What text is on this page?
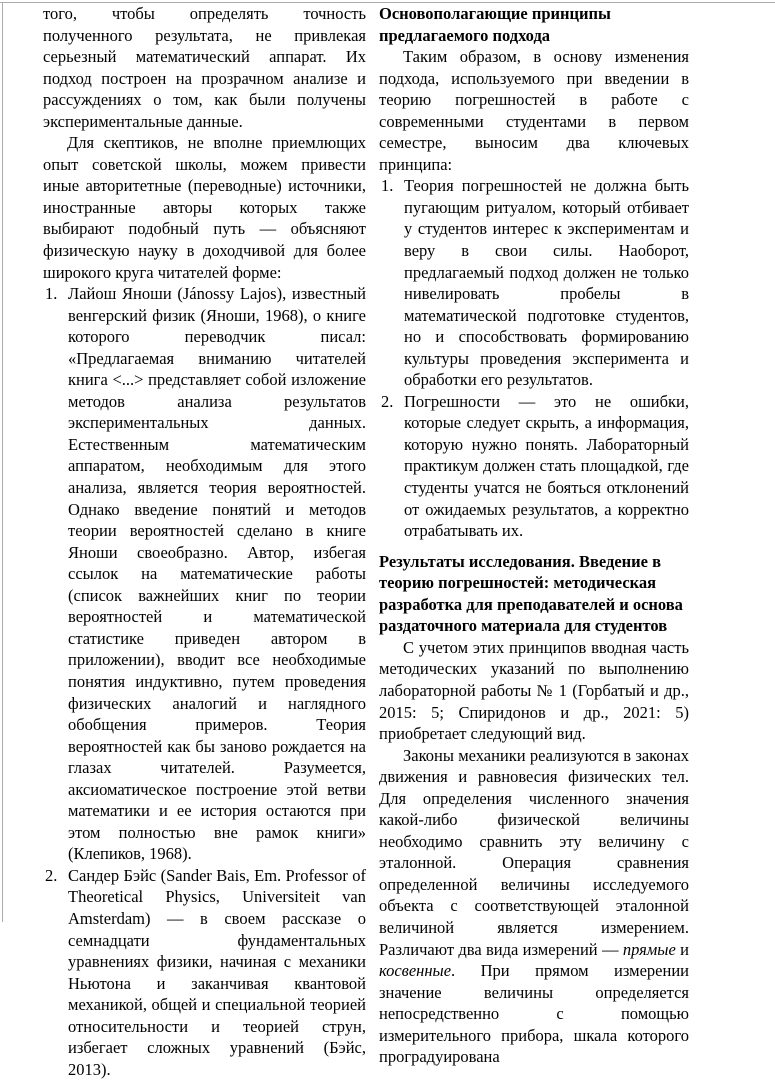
того, чтобы определять точность полученного результата, не привлекая серьезный математический аппарат. Их подход построен на прозрачном анализе и рассуждениях о том, как были получены экспериментальные данные.

Для скептиков, не вполне приемлющих опыт советской школы, можем привести иные авторитетные (переводные) источники, иностранные авторы которых также выбирают подобный путь — объясняют физическую науку в доходчивой для более широкого круга читателей форме:

1. Лайош Яноши (Jánossy Lajos), известный венгерский физик (Яноши, 1968), о книге которого переводчик писал: «Предлагаемая вниманию читателей книга <...> представляет собой изложение методов анализа результатов экспериментальных данных. Естественным математическим аппаратом, необходимым для этого анализа, является теория вероятностей. Однако введение понятий и методов теории вероятностей сделано в книге Яноши своеобразно. Автор, избегая ссылок на математические работы (список важнейших книг по теории вероятностей и математической статистике приведен автором в приложении), вводит все необходимые понятия индуктивно, путем проведения физических аналогий и наглядного обобщения примеров. Теория вероятностей как бы заново рождается на глазах читателей. Разумеется, аксиоматическое построение этой ветви математики и ее история остаются при этом полностью вне рамок книги» (Клепиков, 1968).
2. Сандер Бэйс (Sander Bais, Em. Professor of Theoretical Physics, Universiteit van Amsterdam) — в своем рассказе о семнадцати фундаментальных уравнениях физики, начиная с механики Ньютона и заканчивая квантовой механикой, общей и специальной теорией относительности и теорией струн, избегает сложных уравнений (Бэйс, 2013).

Основополагающие принципы предлагаемого подхода

Таким образом, в основу изменения подхода, используемого при введении в теорию погрешностей в работе с современными студентами в первом семестре, выносим два ключевых принципа:

1. Теория погрешностей не должна быть пугающим ритуалом, который отбивает у студентов интерес к экспериментам и веру в свои силы. Наоборот, предлагаемый подход должен не только нивелировать пробелы в математической подготовке студентов, но и способствовать формированию культуры проведения эксперимента и обработки его результатов.
2. Погрешности — это не ошибки, которые следует скрыть, а информация, которую нужно понять. Лабораторный практикум должен стать площадкой, где студенты учатся не бояться отклонений от ожидаемых результатов, а корректно отрабатывать их.

Результаты исследования. Введение в теорию погрешностей: методическая разработка для преподавателей и основа раздаточного материала для студентов

С учетом этих принципов вводная часть методических указаний по выполнению лабораторной работы № 1 (Горбатый и др., 2015: 5; Спиридонов и др., 2021: 5) приобретает следующий вид.

Законы механики реализуются в законах движения и равновесия физических тел. Для определения численного значения какой-либо физической величины необходимо сравнить эту величину с эталонной. Операция сравнения определенной величины исследуемого объекта с соответствующей эталонной величиной является измерением. Различают два вида измерений — прямые и косвенные. При прямом измерении значение величины определяется непосредственно с помощью измерительного прибора, шкала которого проградуирована
